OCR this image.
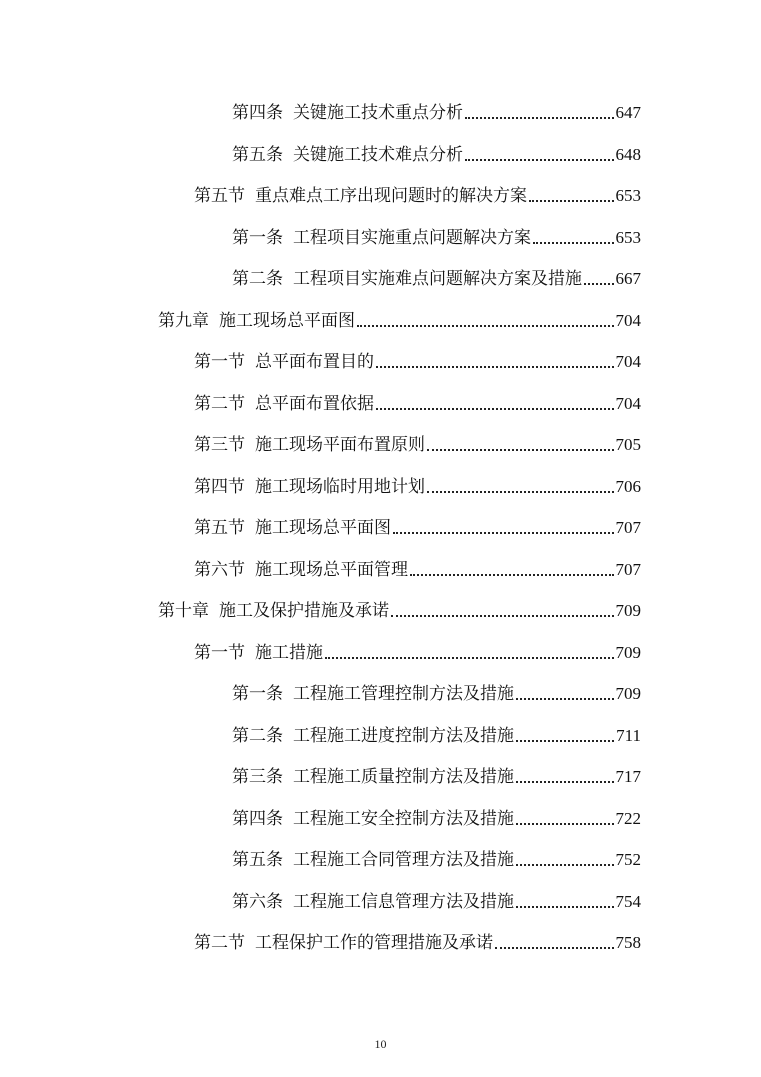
第四条 关键施工技术重点分析	647
第五条 关键施工技术难点分析	648
第五节 重点难点工序出现问题时的解决方案	653
第一条 工程项目实施重点问题解决方案	653
第二条 工程项目实施难点问题解决方案及措施 667
第九章 施工现场总平面图	704
第一节 总平面布置目的	704
第二节 总平面布置依据	704
第三节 施工现场平面布置原则	705
第四节 施工现场临时用地计划	706
第五节 施工现场总平面图	707
第六节 施工现场总平面管理	707
第十章 施工及保护措施及承诺	709
第一节 施工措施	709
第一条 工程施工管理控制方法及措施	709
第二条 工程施工进度控制方法及措施	711
第三条 工程施工质量控制方法及措施	717
第四条 工程施工安全控制方法及措施	722
第五条 工程施工合同管理方法及措施	752
第六条 工程施工信息管理方法及措施	754
第二节 工程保护工作的管理措施及承诺	758
10
